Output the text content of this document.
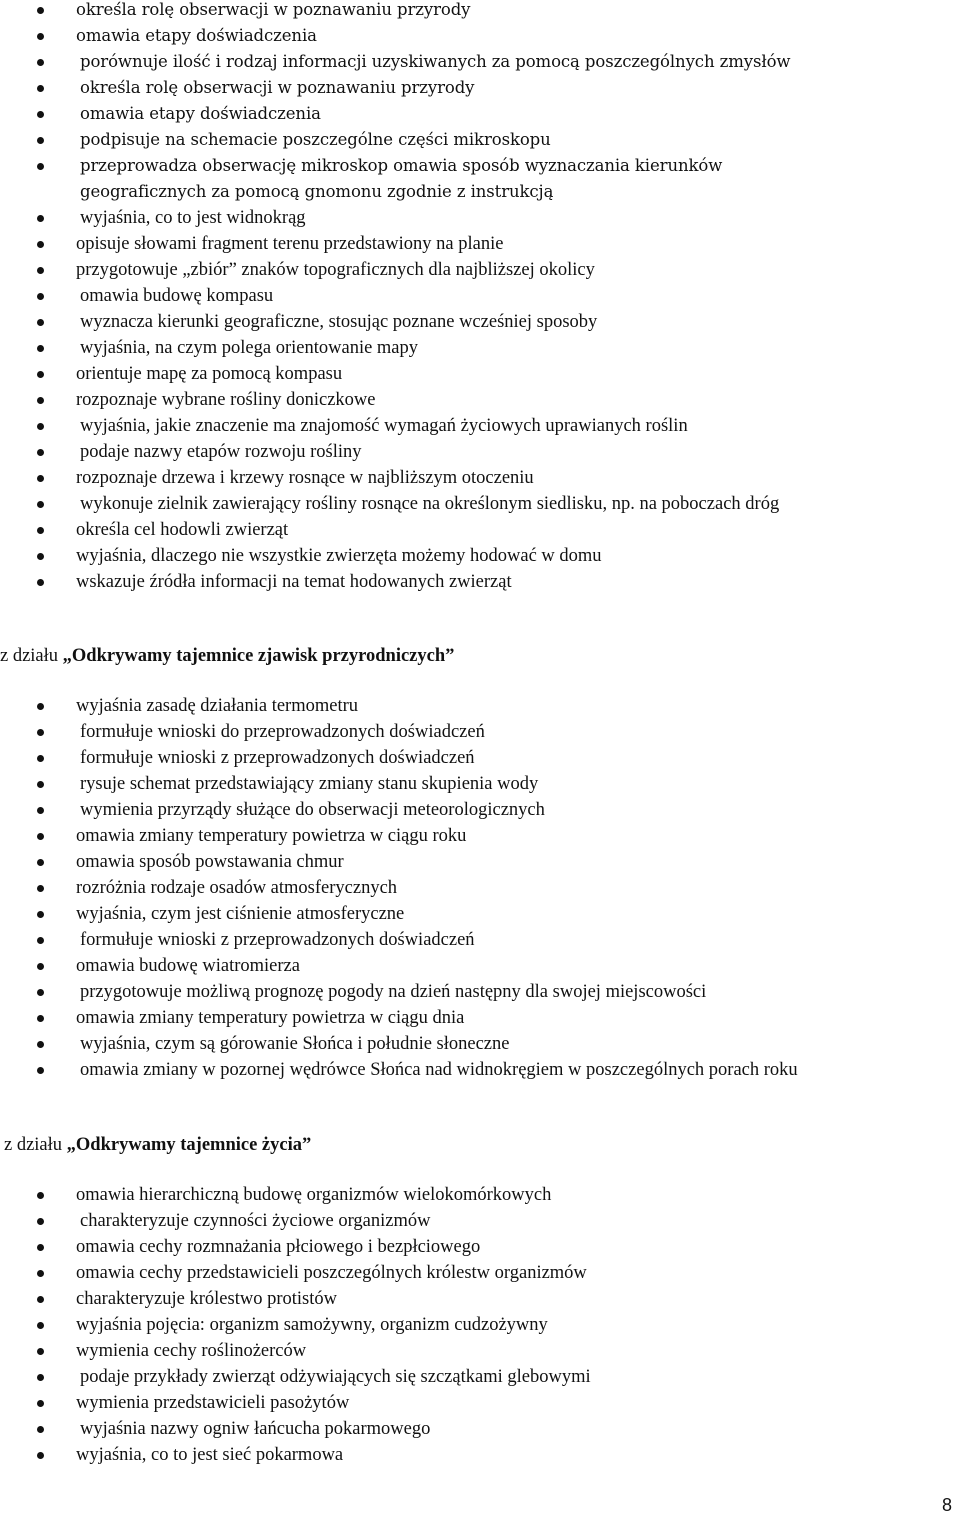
określa rolę obserwacji w poznawaniu przyrody
omawia etapy doświadczenia
porównuje ilość i rodzaj informacji uzyskiwanych za pomocą poszczególnych zmysłów
określa rolę obserwacji w poznawaniu przyrody
omawia etapy doświadczenia
podpisuje na schemacie poszczególne części mikroskopu
przeprowadza obserwację mikroskop omawia sposób wyznaczania kierunków geograficznych za pomocą gnomonu zgodnie z instrukcją
wyjaśnia, co to jest widnokrąg
opisuje słowami fragment terenu przedstawiony na planie
przygotowuje „zbiór” znaków topograficznych dla najbliższej okolicy
omawia budowę kompasu
wyznacza kierunki geograficzne, stosując poznane wcześniej sposoby
wyjaśnia, na czym polega orientowanie mapy
orientuje mapę za pomocą kompasu
rozpoznaje wybrane rośliny doniczkowe
wyjaśnia, jakie znaczenie ma znajomość wymagań życiowych uprawianych roślin
podaje nazwy etapów rozwoju rośliny
rozpoznaje drzewa i krzewy rosnące w najbliższym otoczeniu
wykonuje zielnik zawierający rośliny rosnące na określonym siedlisku, np. na poboczach dróg
określa cel hodowli zwierząt
wyjaśnia, dlaczego nie wszystkie zwierzęta możemy hodować w domu
wskazuje źródła informacji na temat hodowanych zwierząt
z działu „Odkrywamy tajemnice zjawisk przyrodniczych”
wyjaśnia zasadę działania termometru
formułuje wnioski do przeprowadzonych doświadczeń
formułuje wnioski z przeprowadzonych doświadczeń
rysuje schemat przedstawiający zmiany stanu skupienia wody
wymienia przyrządy służące do obserwacji meteorologicznych
omawia zmiany temperatury powietrza w ciągu roku
omawia sposób powstawania chmur
rozróżnia rodzaje osadów atmosferycznych
wyjaśnia, czym jest ciśnienie atmosferyczne
formułuje wnioski z przeprowadzonych doświadczeń
omawia budowę wiatromierza
przygotowuje możliwą prognozę pogody na dzień następny dla swojej miejscowości
omawia zmiany temperatury powietrza w ciągu dnia
wyjaśnia, czym są górowanie Słońca i południe słoneczne
omawia zmiany w pozornej wędrówce Słońca nad widnokręgiem w poszczególnych porach roku
z działu „Odkrywamy tajemnice życia”
omawia hierarchiczną budowę organizmów wielokomórkowych
charakteryzuje czynności życiowe organizmów
omawia cechy rozmnażania płciowego i bezpłciowego
omawia cechy przedstawicieli poszczególnych królestw organizmów
charakteryzuje królestwo protistów
wyjaśnia pojęcia: organizm samożywny, organizm cudzożywny
wymienia cechy roślinożerców
podaje przykłady zwierząt odżywiających się szczątkami glebowymi
wymienia przedstawicieli pasożytów
wyjaśnia nazwy ogniw łańcucha pokarmowego
wyjaśnia, co to jest sieć pokarmowa
8
